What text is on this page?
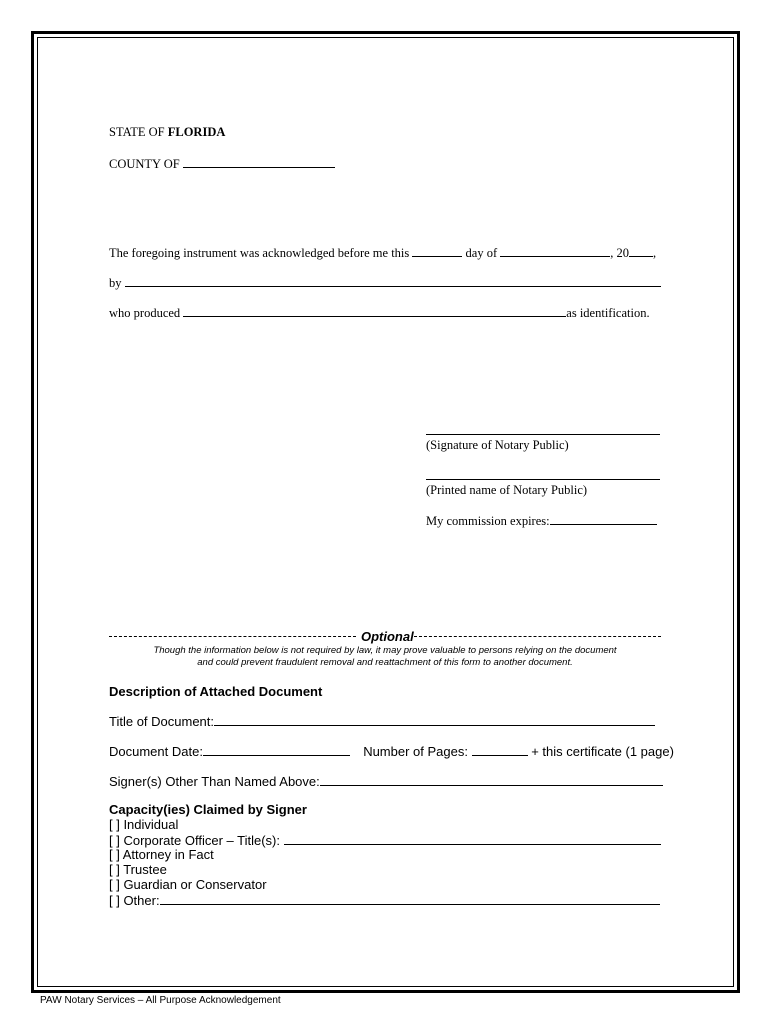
STATE OF FLORIDA
COUNTY OF
The foregoing instrument was acknowledged before me this	day of	, 20 ,
by
who produced	as identification.
(Signature of Notary Public)
(Printed name of Notary Public)
My commission expires:
Optional
Though the information below is not required by law, it may prove valuable to persons relying on the document
and could prevent fraudulent removal and reattachment of this form to another document.
Description of Attached Document
Title of Document:
Document Date:	Number of Pages:	+ this certificate (1 page)
Signer(s) Other Than Named Above:
Capacity(ies) Claimed by Signer
[ ] Individual
[ ] Corporate Officer – Title(s):
[ ] Attorney in Fact
[ ] Trustee
[ ] Guardian or Conservator
[ ] Other:
PAW Notary Services – All Purpose Acknowledgement
